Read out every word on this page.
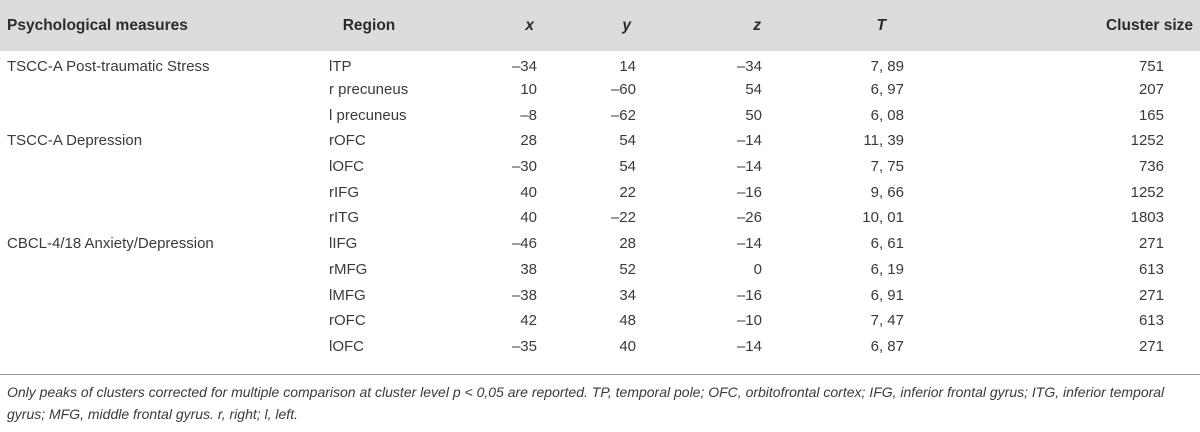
Psychological measures	Region	x	y	z	T	Cluster size
TSCC-A Post-traumatic Stress	lTP	–34	14	–34	7, 89	751
	r precuneus	10	–60	54	6, 97	207
	l precuneus	–8	–62	50	6, 08	165
TSCC-A Depression	rOFC	28	54	–14	11, 39	1252
	lOFC	–30	54	–14	7, 75	736
	rIFG	40	22	–16	9, 66	1252
	rITG	40	–22	–26	10, 01	1803
CBCL-4/18 Anxiety/Depression	lIFG	–46	28	–14	6, 61	271
	rMFG	38	52	0	6, 19	613
	lMFG	–38	34	–16	6, 91	271
	rOFC	42	48	–10	7, 47	613
	lOFC	–35	40	–14	6, 87	271

Only peaks of clusters corrected for multiple comparison at cluster level p < 0,05 are reported. TP, temporal pole; OFC, orbitofrontal cortex; IFG, inferior frontal gyrus; ITG, inferior temporal gyrus; MFG, middle frontal gyrus. r, right; l, left.
